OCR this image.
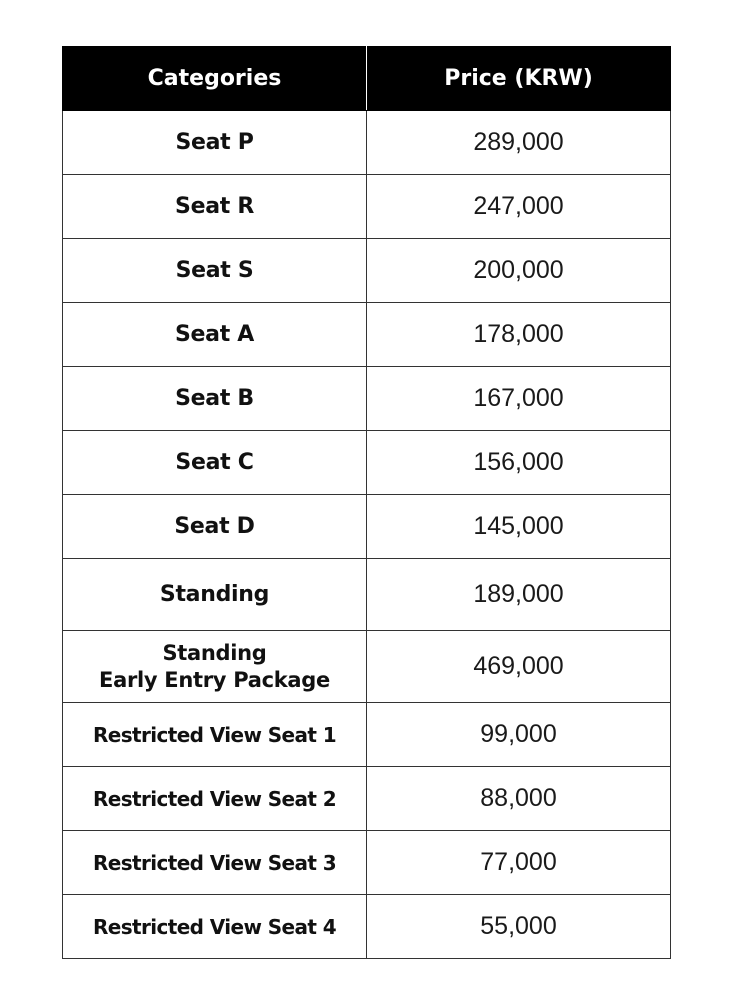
Categories	Price (KRW)
Seat P	289,000
Seat R	247,000
Seat S	200,000
Seat A	178,000
Seat B	167,000
Seat C	156,000
Seat D	145,000
Standing	189,000

Standing
Early Entry Package	469,000
Restricted View Seat 1	99,000
Restricted View Seat 2	88,000
Restricted View Seat 3	77,000
Restricted View Seat 4	55,000
